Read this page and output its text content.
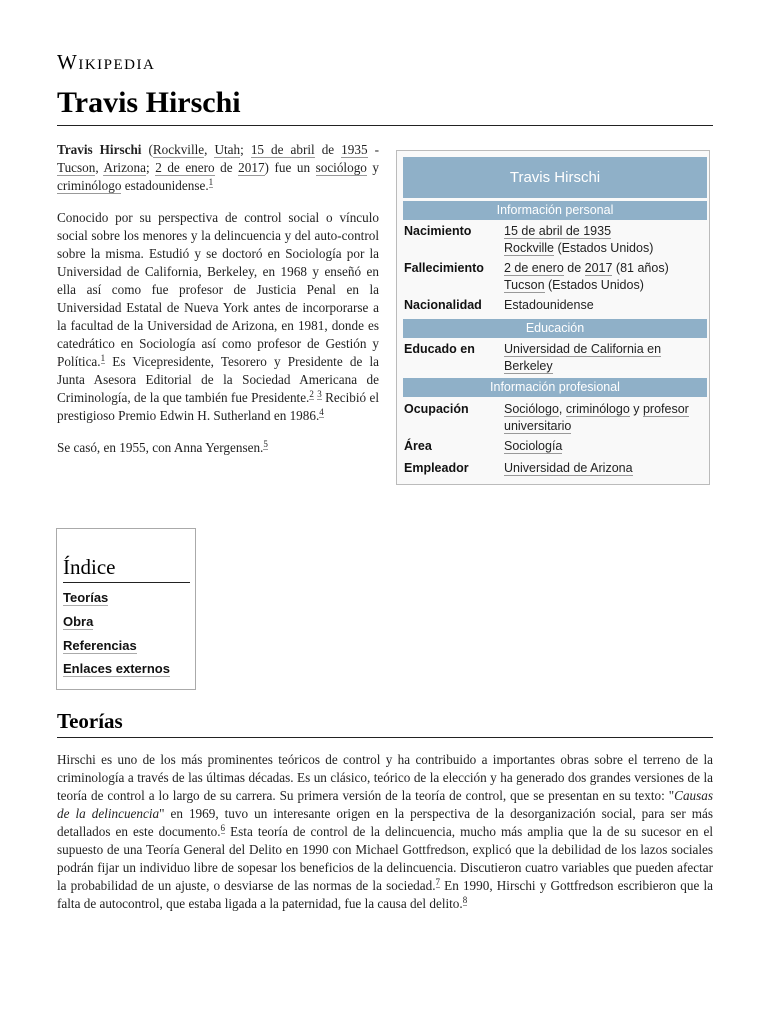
Wikipedia
Travis Hirschi

Travis Hirschi (Rockville, Utah; 15 de abril de 1935 - Tucson, Arizona; 2 de enero de 2017) fue un sociólogo y criminólogo estadounidense.$^1$

Conocido por su perspectiva de control social o vínculo social sobre los menores y la delincuencia y del auto-control sobre la misma. Estudió y se doctoró en Sociología por la Universidad de California, Berkeley, en 1968 y enseñó en ella así como fue profesor de Justicia Penal en la Universidad Estatal de Nueva York antes de incorporarse a la facultad de la Universidad de Arizona, en 1981, donde es catedrático en Sociología así como profesor de Gestión y Política.$^1$ Es Vicepresidente, Tesorero y Presidente de la Junta Asesora Editorial de la Sociedad Americana de Criminología, de la que también fue Presidente.$^2$ $^3$ Recibió el prestigioso Premio Edwin H. Sutherland en 1986.$^4$

Se casó, en 1955, con Anna Yergensen.$^5$

Travis Hirschi
Información personal
Nacimiento	15 de abril de 1935
Rockville (Estados Unidos)
Fallecimiento 2 de enero de 2017 (81 años)
Tucson (Estados Unidos)
Nacionalidad Estadounidense
Educación
Educado en Universidad de California en Berkeley
Información profesional
Ocupación	Sociólogo, criminólogo y profesor universitario
Área	Sociología
Empleador	Universidad de Arizona
Índice
Teorías
Obra
Referencias
Enlaces externos
Teorías

Hirschi es uno de los más prominentes teóricos de control y ha contribuido a importantes obras sobre el terreno de la criminología a través de las últimas décadas. Es un clásico, teórico de la elección y ha generado dos grandes versiones de la teoría de control a lo largo de su carrera. Su primera versión de la teoría de control, que se presentan en su texto: "Causas de la delincuencia" en 1969, tuvo un interesante origen en la perspectiva de la desorganización social, para ser más detallados en este documento.$^6$ Esta teoría de control de la delincuencia, mucho más amplia que la de su sucesor en el supuesto de una Teoría General del Delito en 1990 con Michael Gottfredson, explicó que la debilidad de los lazos sociales podrán fijar un individuo libre de sopesar los beneficios de la delincuencia. Discutieron cuatro variables que pueden afectar la probabilidad de un ajuste, o desviarse de las normas de la sociedad.$^7$ En 1990, Hirschi y Gottfredson escribieron que la falta de autocontrol, que estaba ligada a la paternidad, fue la causa del delito.$^8$
